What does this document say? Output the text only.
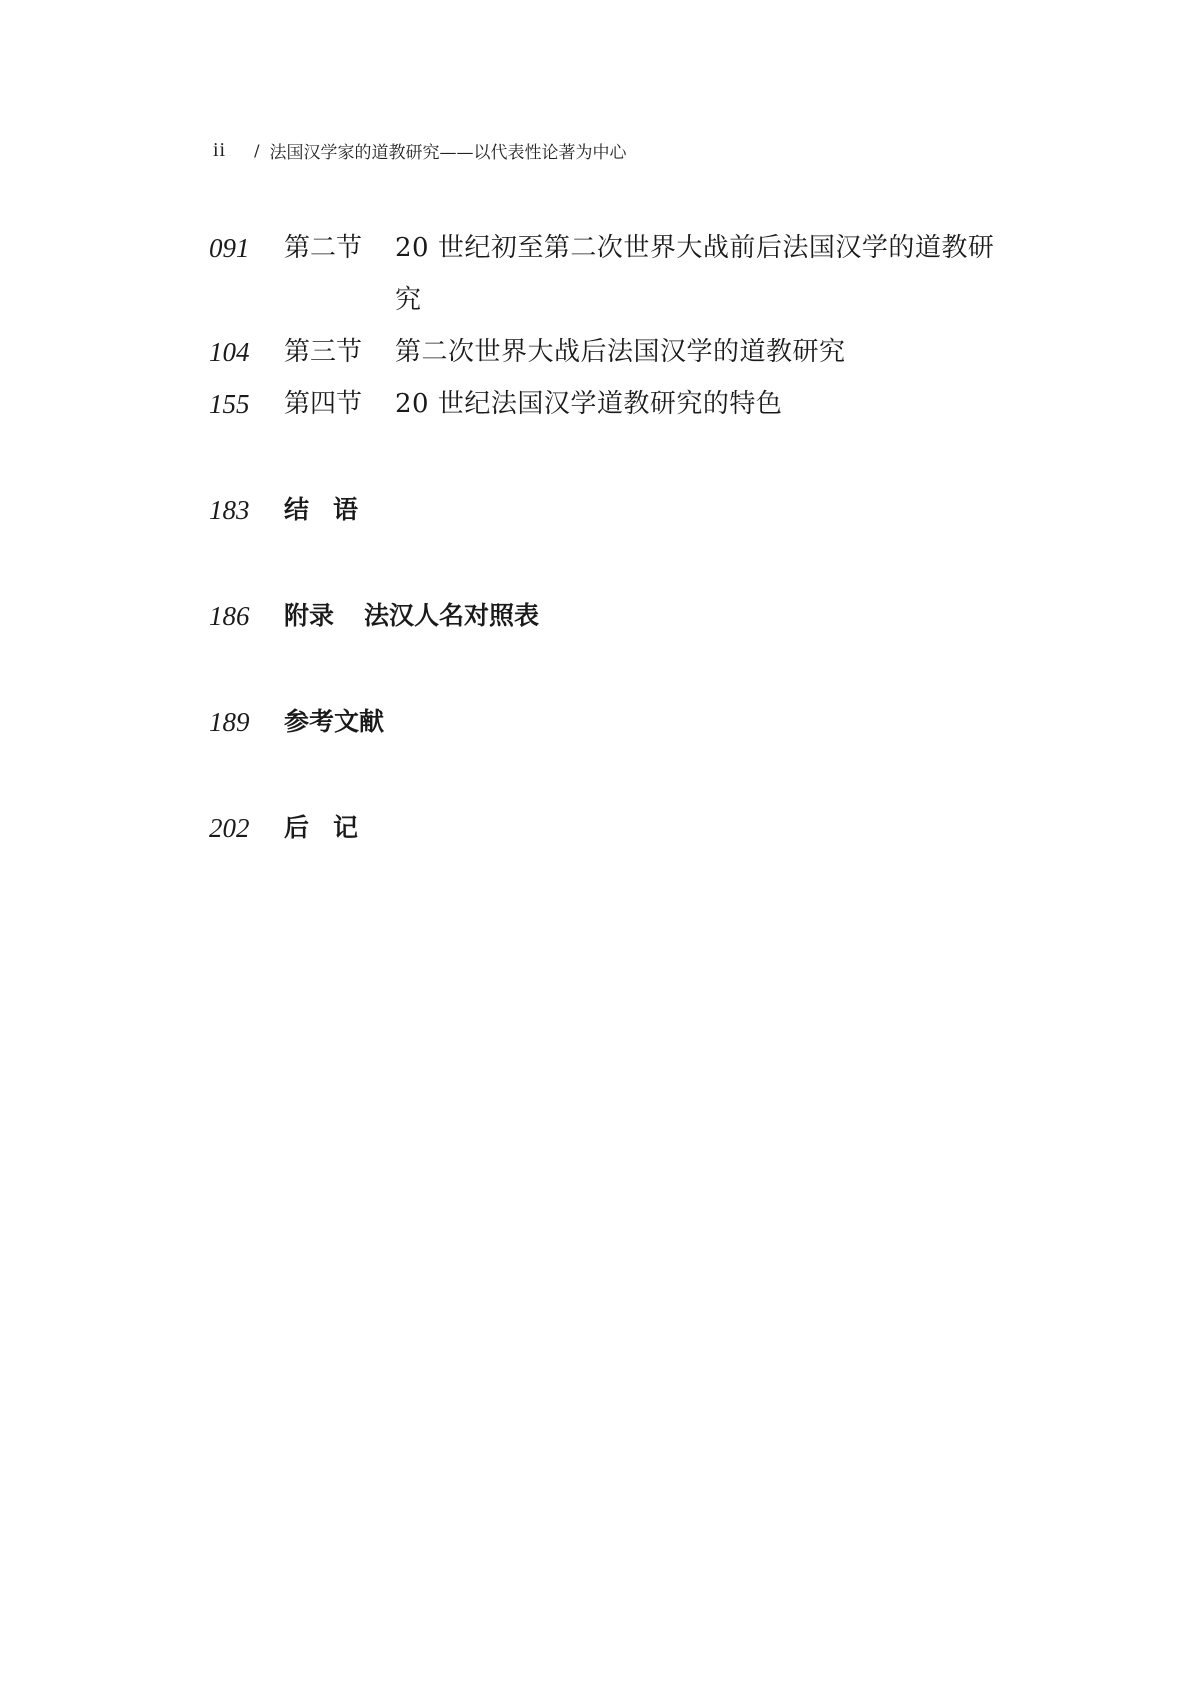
ii / 法国汉学家的道教研究——以代表性论著为中心
091	第二节	20 世纪初至第二次世界大战前后法国汉学的道教研究
104	第三节	第二次世界大战后法国汉学的道教研究
155	第四节	20 世纪法国汉学道教研究的特色
183	结语
186	附录 法汉人名对照表
189	参考文献
202	后记
